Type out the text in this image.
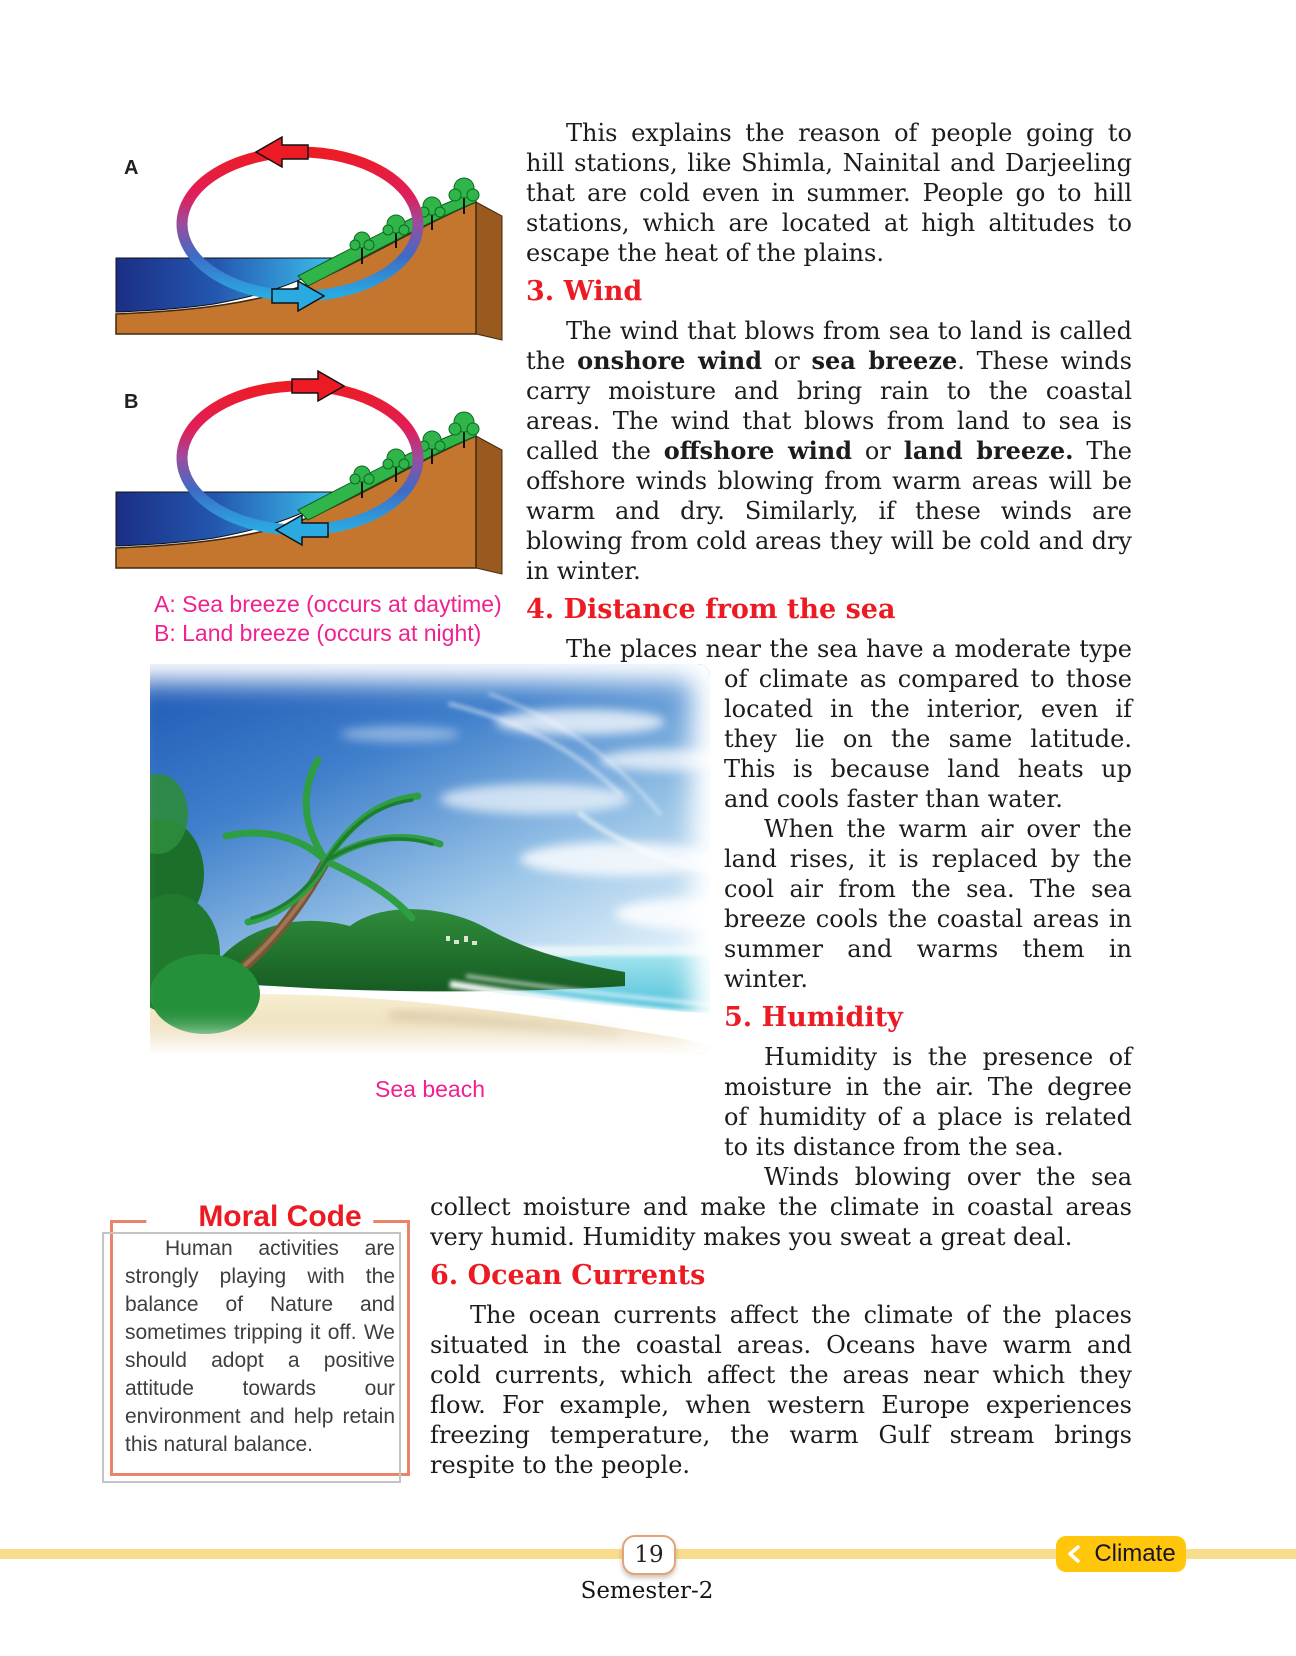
A
B
A: Sea breeze (occurs at daytime)
B: Land breeze (occurs at night)

This explains the reason of people going to hill stations, like Shimla, Nainital and Darjeeling that are cold even in summer. People go to hill stations, which are located at high altitudes to escape the heat of the plains.

3. Wind

The wind that blows from sea to land is called the onshore wind or sea breeze. These winds carry moisture and bring rain to the coastal areas. The wind that blows from land to sea is called the offshore wind or land breeze. The offshore winds blowing from warm areas will be warm and dry. Similarly, if these winds are blowing from cold areas they will be cold and dry in winter.

4. Distance from the sea

The places near the sea have a moderate type of
Sea beach
climate as compared to those located in the interior, even if they lie on the same latitude. This is because land heats up and cools faster than water.

When the warm air over the land rises, it is replaced by the cool air from the sea. The sea breeze cools the coastal areas in summer and warms them in winter.

5. Humidity

Humidity is the presence of moisture in the air. The degree of humidity of a place is related to its distance from the sea.

Winds blowing over the sea
Moral Code
Human activities are strongly playing with the balance of Nature and sometimes tripping it off. We should adopt a positive attitude towards our environment and help retain this natural balance.
collect moisture and make the climate in coastal areas very humid. Humidity makes you sweat a great deal.

6. Ocean Currents

The ocean currents affect the climate of the places situated in the coastal areas. Oceans have warm and cold currents, which affect the areas near which they flow. For example, when western Europe experiences freezing temperature, the warm Gulf stream brings respite to the people.

19
Semester-2
Climate
